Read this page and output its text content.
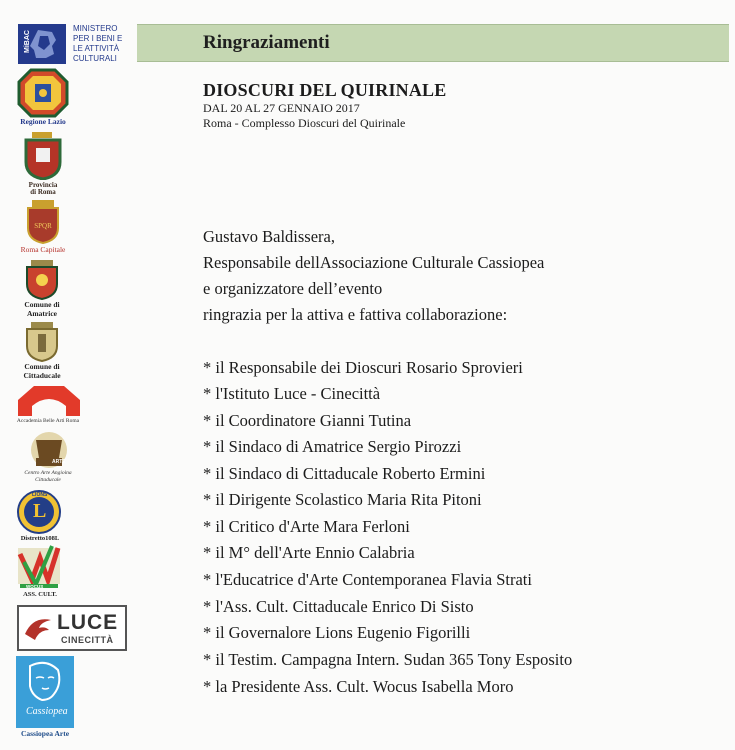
MiBAC
MINISTERO
PER I BENI E
LE ATTIVITÀ
CULTURALI
Regione Lazio
Provincia
di Roma
SPQR
Roma Capitale
Comune di
Amatrice
Comune di
Cittaducale
Accademia Belle Arti Roma
ARTE
Centro Arte Angioina
Cittaducale
LIONS
L
Distretto108L
WOCUS
ASS. CULT.
LUCE
CINECITTÀ
Cassiopea
Cassiopea Arte
Ringraziamenti
DIOSCURI DEL QUIRINALE
DAL 20 AL 27 GENNAIO 2017
Roma - Complesso Dioscuri del Quirinale
Gustavo Baldissera,
Responsabile dellAssociazione Culturale Cassiopea
e organizzatore dell’evento
ringrazia per la attiva e fattiva collaborazione:
* il Responsabile dei Dioscuri Rosario Sprovieri
* l'Istituto Luce - Cinecittà
* il Coordinatore Gianni Tutina
* il Sindaco di Amatrice Sergio Pirozzi
* il Sindaco di Cittaducale Roberto Ermini
* il Dirigente Scolastico Maria Rita Pitoni
* il Critico d'Arte Mara Ferloni
* il M° dell'Arte Ennio Calabria
* l'Educatrice d'Arte Contemporanea Flavia Strati
* l'Ass. Cult. Cittaducale Enrico Di Sisto
* il Governalore Lions Eugenio Figorilli
* il Testim. Campagna Intern. Sudan 365 Tony Esposito
* la Presidente Ass. Cult. Wocus Isabella Moro
